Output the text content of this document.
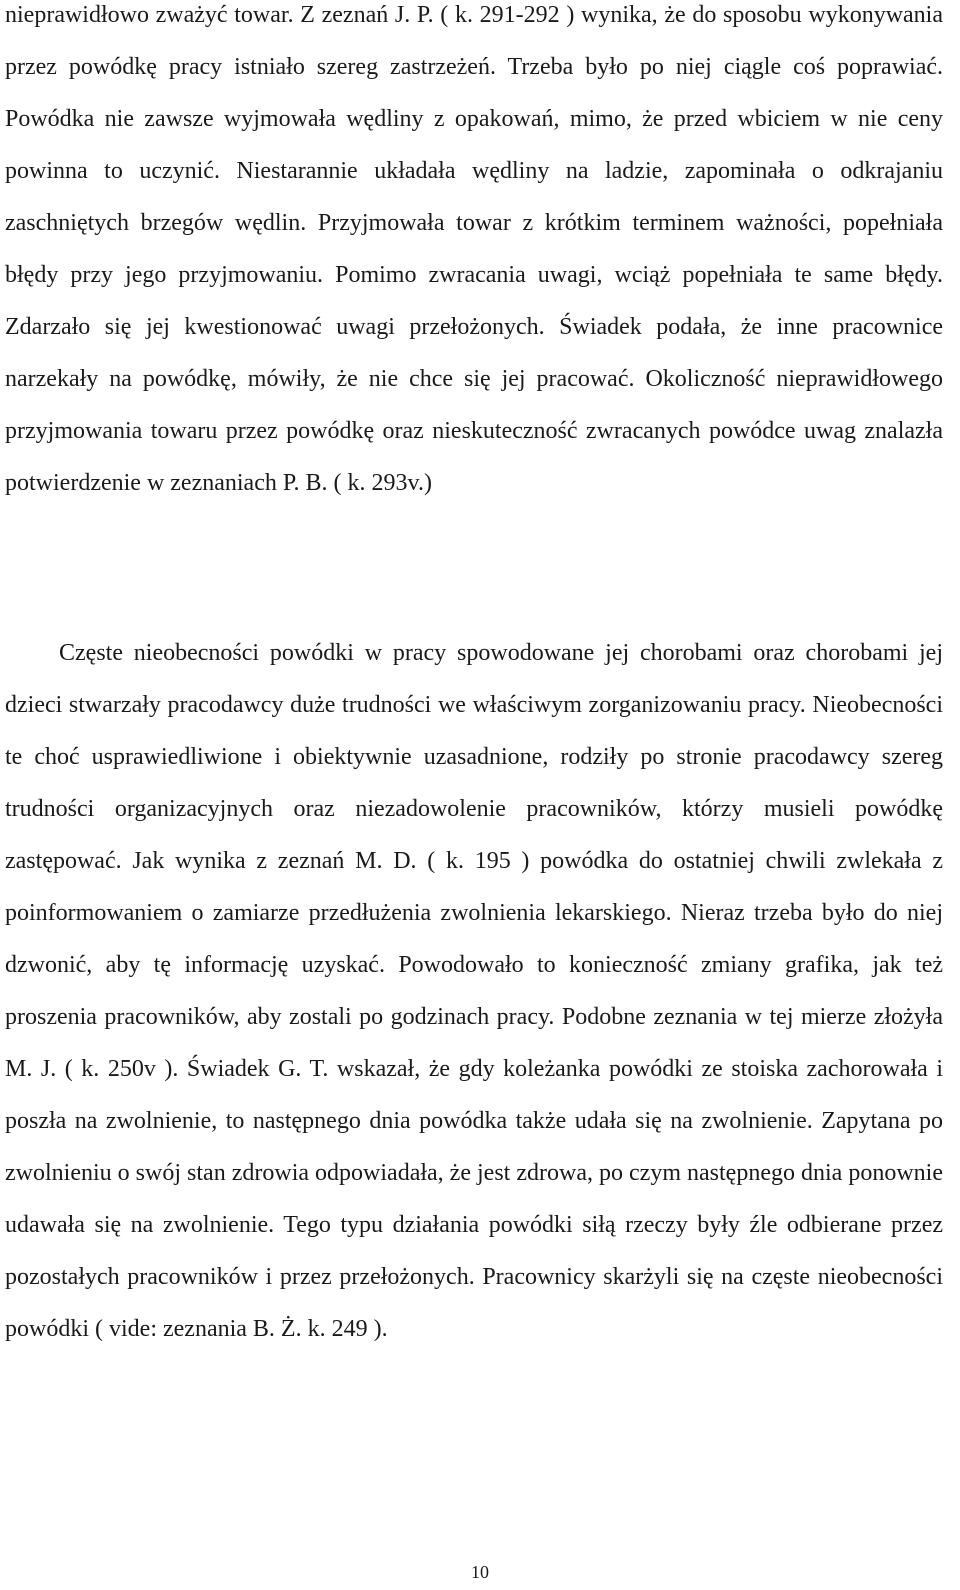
nieprawidłowo zważyć towar. Z zeznań J. P. ( k. 291-292 ) wynika, że do sposobu wykonywania przez powódkę pracy istniało szereg zastrzeżeń. Trzeba było po niej ciągle coś poprawiać. Powódka nie zawsze wyjmowała wędliny z opakowań, mimo, że przed wbiciem w nie ceny powinna to uczynić. Niestarannie układała wędliny na ladzie, zapominała o odkrajaniu zaschniętych brzegów wędlin. Przyjmowała towar z krótkim terminem ważności, popełniała błędy przy jego przyjmowaniu. Pomimo zwracania uwagi, wciąż popełniała te same błędy. Zdarzało się jej kwestionować uwagi przełożonych. Świadek podała, że inne pracownice narzekały na powódkę, mówiły, że nie chce się jej pracować. Okoliczność nieprawidłowego przyjmowania towaru przez powódkę oraz nieskuteczność zwracanych powódce uwag znalazła potwierdzenie w zeznaniach P. B. ( k. 293v.)

Częste nieobecności powódki w pracy spowodowane jej chorobami oraz chorobami jej dzieci stwarzały pracodawcy duże trudności we właściwym zorganizowaniu pracy. Nieobecności te choć usprawiedliwione i obiektywnie uzasadnione, rodziły po stronie pracodawcy szereg trudności organizacyjnych oraz niezadowolenie pracowników, którzy musieli powódkę zastępować. Jak wynika z zeznań M. D. ( k. 195 ) powódka do ostatniej chwili zwlekała z poinformowaniem o zamiarze przedłużenia zwolnienia lekarskiego. Nieraz trzeba było do niej dzwonić, aby tę informację uzyskać. Powodowało to konieczność zmiany grafika, jak też proszenia pracowników, aby zostali po godzinach pracy. Podobne zeznania w tej mierze złożyła M. J. ( k. 250v ). Świadek G. T. wskazał, że gdy koleżanka powódki ze stoiska zachorowała i poszła na zwolnienie, to następnego dnia powódka także udała się na zwolnienie. Zapytana po zwolnieniu o swój stan zdrowia odpowiadała, że jest zdrowa, po czym następnego dnia ponownie udawała się na zwolnienie. Tego typu działania powódki siłą rzeczy były źle odbierane przez pozostałych pracowników i przez przełożonych. Pracownicy skarżyli się na częste nieobecności powódki ( vide: zeznania B. Ż. k. 249 ).

10
